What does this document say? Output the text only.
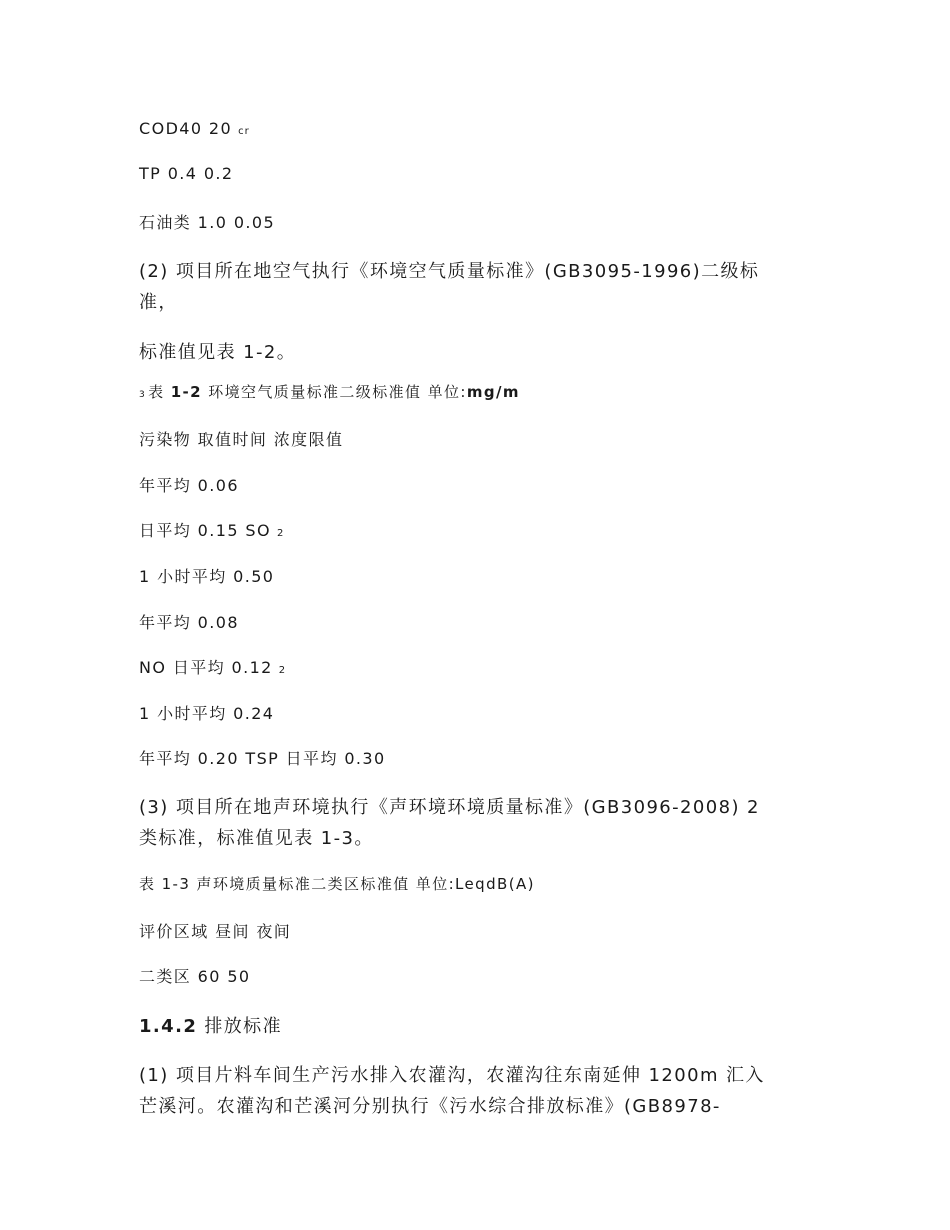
COD40 20 cr
TP 0.4 0.2
石油类 1.0 0.05
(2) 项目所在地空气执行《环境空气质量标准》(GB3095-1996)二级标
准，
标准值见表 1-2。
3 表 1-2 环境空气质量标准二级标准值 单位:mg/m
污染物 取值时间 浓度限值
年平均 0.06
日平均 0.15 SO 2
1 小时平均 0.50
年平均 0.08
NO 日平均 0.12 2
1 小时平均 0.24
年平均 0.20 TSP 日平均 0.30
(3) 项目所在地声环境执行《声环境环境质量标准》(GB3096-2008) 2
类标准，标准值见表 1-3。
表 1-3 声环境质量标准二类区标准值 单位:LeqdB(A)
评价区域 昼间 夜间
二类区 60 50
1.4.2 排放标准
(1) 项目片料车间生产污水排入农灌沟，农灌沟往东南延伸 1200m 汇入
芒溪河。农灌沟和芒溪河分别执行《污水综合排放标准》(GB8978-
